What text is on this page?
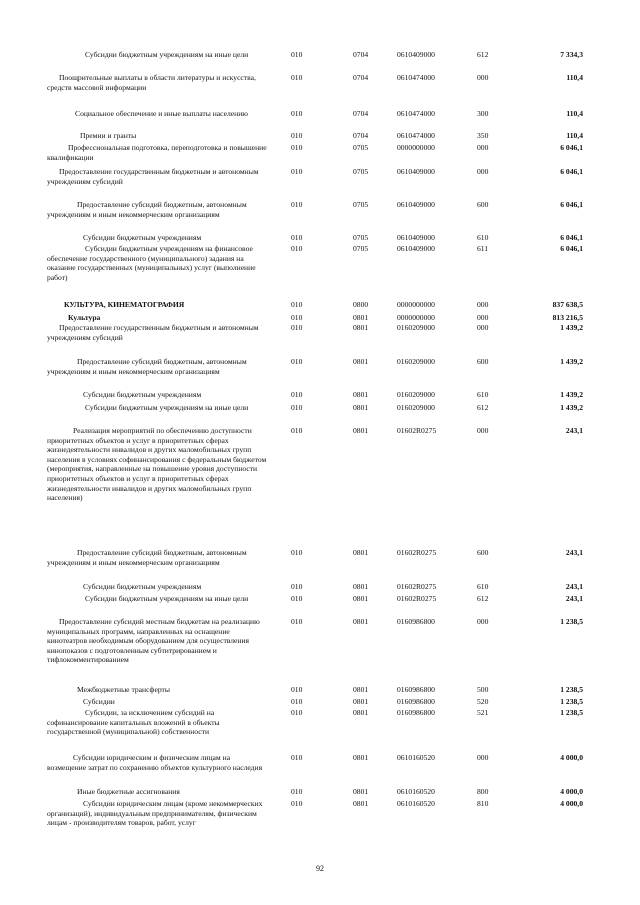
Субсидии бюджетным учреждениям на иные цели	010	0704	0610409000	612	7 334,3
Поощрительные выплаты в области литературы и искусства, средств массовой информации
010	0704	0610474000	000	110,4
Социальное обеспечение и иные выплаты населению	010	0704	0610474000	300	110,4
Премии и гранты	010	0704	0610474000	350	110,4
Профессиональная подготовка, переподготовка и повышение квалификации
010	0705	0000000000	000	6 046,1
Предоставление государственным бюджетным и автономным учреждениям субсидий
010	0705	0610409000	000	6 046,1
Предоставление субсидий бюджетным, автономным учреждениям и иным некоммерческим организациям
010	0705	0610409000	600	6 046,1
Субсидии бюджетным учреждениям	010	0705	0610409000	610	6 046,1
Субсидии бюджетным учреждениям на финансовое обеспечение государственного (муниципального) задания на оказание государственных (муниципальных) услуг (выполнение работ)
010	0705	0610409000	611	6 046,1
КУЛЬТУРА, КИНЕМАТОГРАФИЯ	010	0800	0000000000	000	837 638,5
Культура	010	0801	0000000000	000	813 216,5
Предоставление государственным бюджетным и автономным учреждениям субсидий
010	0801	0160209000	000	1 439,2
Предоставление субсидий бюджетным, автономным учреждениям и иным некоммерческим организациям
010	0801	0160209000	600	1 439,2
Субсидии бюджетным учреждениям	010	0801	0160209000	610	1 439,2
Субсидии бюджетным учреждениям на иные цели	010	0801	0160209000	612	1 439,2
Реализация мероприятий по обеспечению доступности приоритетных объектов и услуг в приоритетных сферах жизнедеятельности инвалидов и других маломобильных групп населения в условиях софинансирования с федеральным бюджетом (мероприятия, направленные на повышение уровня доступности приоритетных объектов и услуг в приоритетных сферах жизнедеятельности инвалидов и других маломобильных групп населения)
010	0801	01602R0275	000	243,1
Предоставление субсидий бюджетным, автономным учреждениям и иным некоммерческим организациям
010	0801	01602R0275	600	243,1
Субсидии бюджетным учреждениям	010	0801	01602R0275	610	243,1
Субсидии бюджетным учреждениям на иные цели	010	0801	01602R0275	612	243,1
Предоставление субсидий местным бюджетам на реализацию муниципальных программ, направленных на оснащение кинотеатров необходимым оборудованием для осуществления кинопоказов с подготовленным субтитрированием и тифлокомментированием
010	0801	0160986800	000	1 238,5
Межбюджетные трансферты	010	0801	0160986800	500	1 238,5
Субсидии	010	0801	0160986800	520	1 238,5
Субсидии, за исключением субсидий на софинансирование капитальных вложений в объекты государственной (муниципальной) собственности
010	0801	0160986800	521	1 238,5
Субсидии юридическим и физическим лицам на возмещение затрат по сохранению объектов культурного наследия
010	0801	0610160520	000	4 000,0
Иные бюджетные ассигнования	010	0801	0610160520	800	4 000,0
Субсидии юридическим лицам (кроме некоммерческих организаций), индивидуальным предпринимателям, физическим лицам - производителям товаров, работ, услуг
010	0801	0610160520	810	4 000,0
92
